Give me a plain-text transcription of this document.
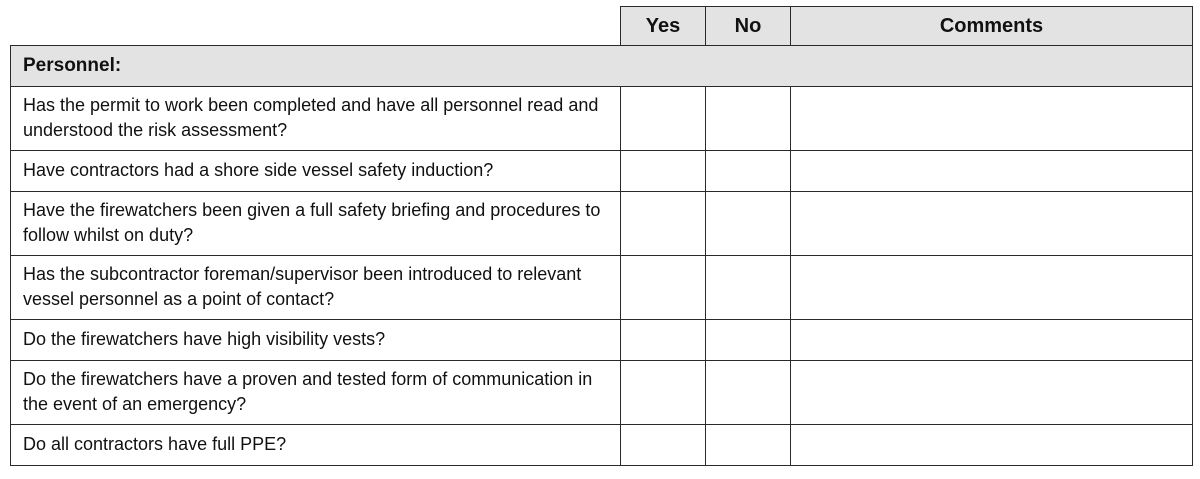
	Yes	No	Comments
Personnel:			
Has the permit to work been completed and have all personnel read and understood the risk assessment?			
Have contractors had a shore side vessel safety induction?			
Have the firewatchers been given a full safety briefing and procedures to follow whilst on duty?			
Has the subcontractor foreman/supervisor been introduced to relevant vessel personnel as a point of contact?			
Do the firewatchers have high visibility vests?			
Do the firewatchers have a proven and tested form of communication in the event of an emergency?			
Do all contractors have full PPE?			
